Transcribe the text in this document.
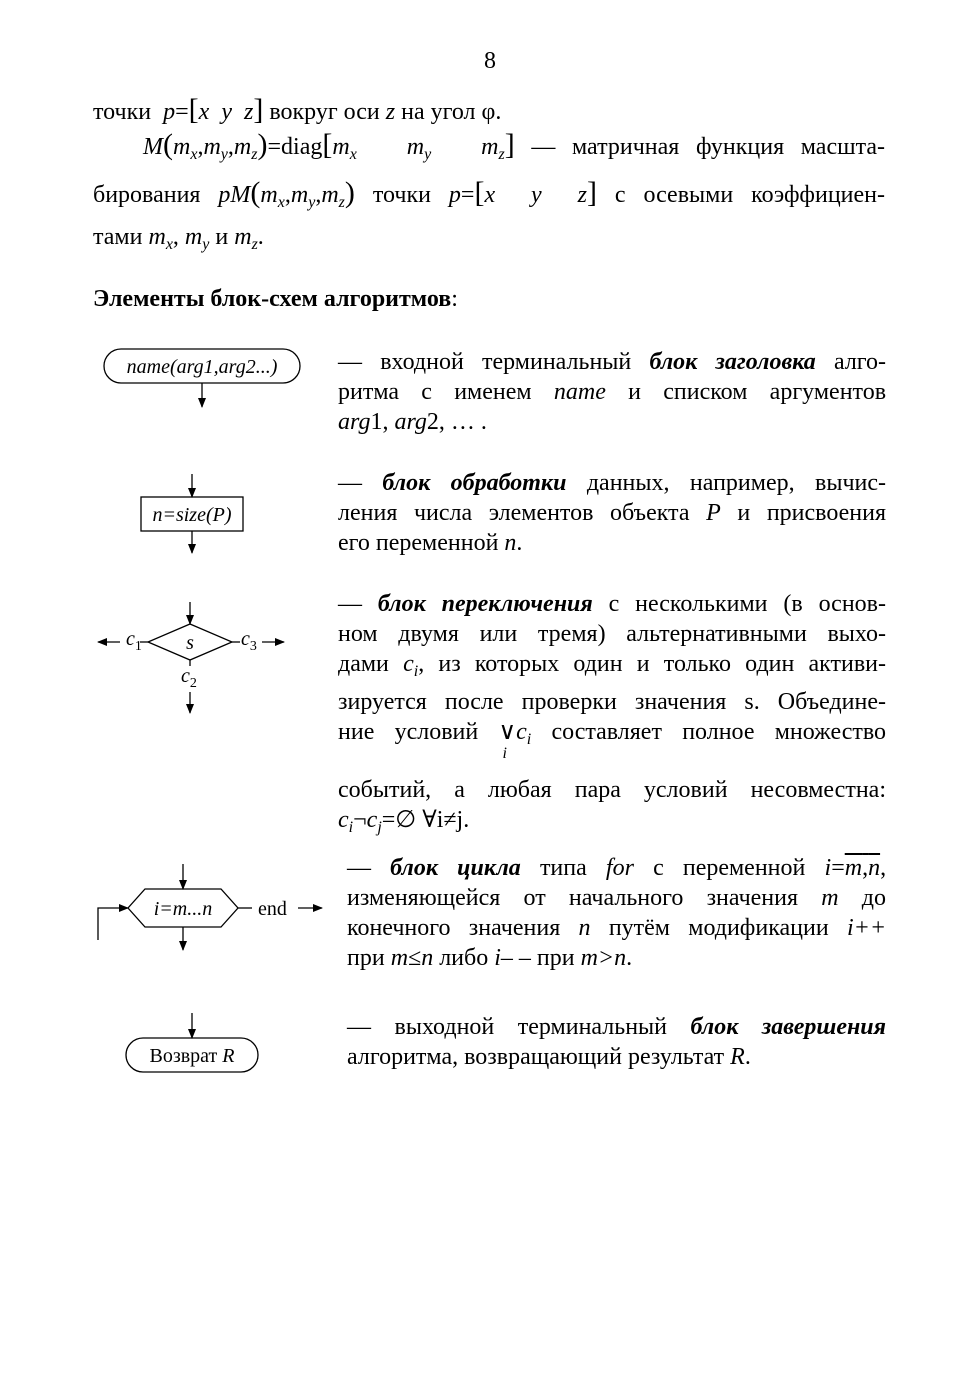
8
точки p=[x y z] вокруг оси z на угол φ.
$M(m_x,m_y,m_z)=diag[m_x$ $m_y$ $m_z$] — матричная функция масшта-
бирования $pM(m_x,m_y,m_z)$ точки p=[x y z] с осевыми коэффициен-
тами $m_x$, $m_y$ и $m_z$.
Элементы блок-схем алгоритмов:
name(arg1,arg2...)
n=size(P)
s
$c_1$	$c_3$
$c_2$
i=m...n end
Возврат R
— входной терминальный блок заголовка алго-
ритма с именем name и списком аргументов
arg1, arg2, … .
— блок обработки данных, например, вычис-
ления числа элементов объекта P и присвоения
его переменной n.
— блок переключения с несколькими (в основ-
ном двумя или тремя) альтернативными выхо-
дами $c_i$, из которых один и только один активи-
зируется после проверки значения s. Объедине-
ние условий $\vee c_i$
i
составляет полное множество
событий, а любая пара условий несовместна:
$c_i\neg c_j=\emptyset$ ∀i≠j.
— блок цикла типа for с переменной i=m,n,
изменяющейся от начального значения m до
конечного значения n путём модификации i++
при m≤n либо i– – при m>n.
— выходной терминальный блок завершения
алгоритма, возвращающий результат R.
